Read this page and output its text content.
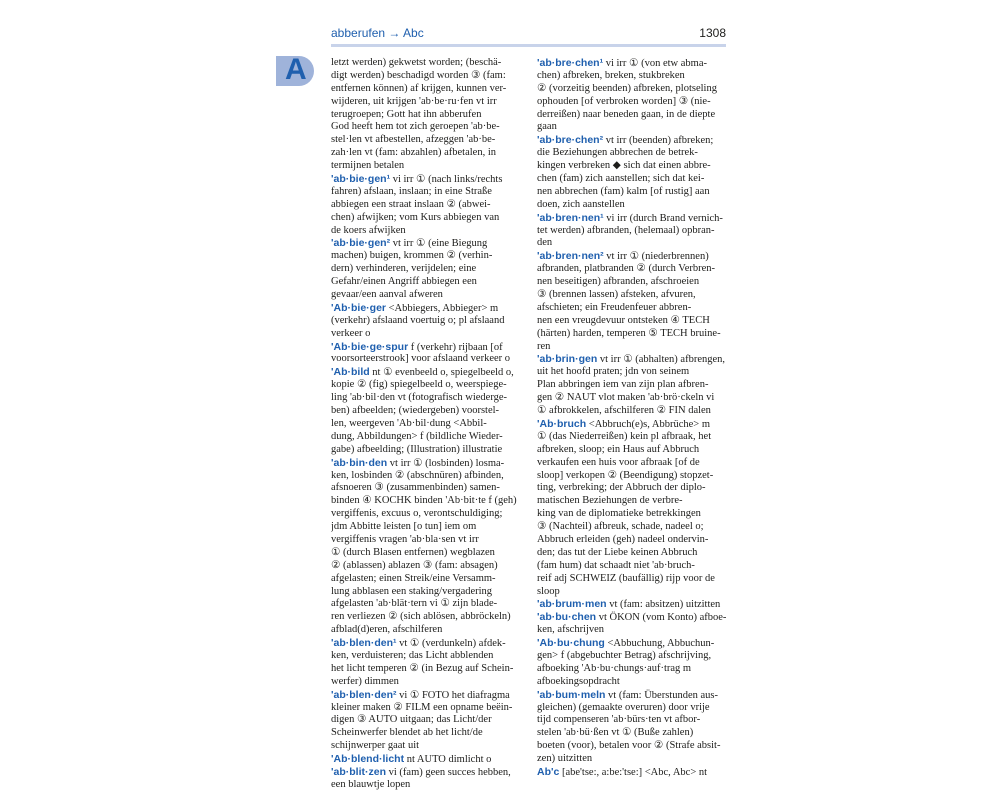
A
abberufen → Abc	1308
letzt werden) gekwetst worden; (beschä-
digt werden) beschadigd worden ③ (fam:
entfernen können) af krijgen, kunnen ver-
wijderen, uit krijgen 'ab·be·ru·fen vt irr
terugroepen; Gott hat ihn abberufen
God heeft hem tot zich geroepen 'ab·be-
stel·len vt afbestellen, afzeggen 'ab·be-
zah·len vt (fam: abzahlen) afbetalen, in
termijnen betalen
'ab·bie·gen¹ vi irr ① (nach links/rechts
fahren) afslaan, inslaan; in eine Straße
abbiegen een straat inslaan ② (abwei-
chen) afwijken; vom Kurs abbiegen van
de koers afwijken
'ab·bie·gen² vt irr ① (eine Biegung
machen) buigen, krommen ② (verhin-
dern) verhinderen, verijdelen; eine
Gefahr/einen Angriff abbiegen een
gevaar/een aanval afweren
'Ab·bie·ger <Abbiegers, Abbieger> m
(verkehr) afslaand voertuig o; pl afslaand
verkeer o
'Ab·bie·ge·spur f (verkehr) rijbaan [of
voorsorteerstrook] voor afslaand verkeer o
'Ab·bild nt ① evenbeeld o, spiegelbeeld o,
kopie ② (fig) spiegelbeeld o, weerspiege-
ling 'ab·bil·den vt (fotografisch wiederge-
ben) afbeelden; (wiedergeben) voorstel-
len, weergeven 'Ab·bil·dung <Abbil-
dung, Abbildungen> f (bildliche Wieder-
gabe) afbeelding; (Illustration) illustratie
'ab·bin·den vt irr ① (losbinden) losma-
ken, losbinden ② (abschnüren) afbinden,
afsnoeren ③ (zusammenbinden) samen-
binden ④ KOCHK binden 'Ab·bit·te f (geh)
vergiffenis, excuus o, verontschuldiging;
jdm Abbitte leisten [o tun] iem om
vergiffenis vragen 'ab·bla·sen vt irr
① (durch Blasen entfernen) wegblazen
② (ablassen) ablazen ③ (fam: absagen)
afgelasten; einen Streik/eine Versamm-
lung abblasen een staking/vergadering
afgelasten 'ab·blät·tern vi ① zijn blade-
ren verliezen ② (sich ablösen, abbröckeln)
afblad(d)eren, afschilferen
'ab·blen·den¹ vt ① (verdunkeln) afdek-
ken, verduisteren; das Licht abblenden
het licht temperen ② (in Bezug auf Schein-
werfer) dimmen
'ab·blen·den² vi ① FOTO het diafragma
kleiner maken ② FILM een opname beëin-
digen ③ AUTO uitgaan; das Licht/der
Scheinwerfer blendet ab het licht/de
schijnwerper gaat uit
'Ab·blend·licht nt AUTO dimlicht o
'ab·blit·zen vi (fam) geen succes hebben,
een blauwtje lopen
'ab·bre·chen¹ vi irr ① (von etw abma-
chen) afbreken, breken, stukbreken
② (vorzeitig beenden) afbreken, plotseling
ophouden [of verbroken worden] ③ (nie-
derreißen) naar beneden gaan, in de diepte
gaan
'ab·bre·chen² vt irr (beenden) afbreken;
die Beziehungen abbrechen de betrek-
kingen verbreken ◆ sich dat einen abbre-
chen (fam) zich aanstellen; sich dat kei-
nen abbrechen (fam) kalm [of rustig] aan
doen, zich aanstellen
'ab·bren·nen¹ vi irr (durch Brand vernich-
tet werden) afbranden, (helemaal) opbran-
den
'ab·bren·nen² vt irr ① (niederbrennen)
afbranden, platbranden ② (durch Verbren-
nen beseitigen) afbranden, afschroeien
③ (brennen lassen) afsteken, afvuren,
afschieten; ein Freudenfeuer abbren-
nen een vreugdevuur ontsteken ④ TECH
(härten) harden, temperen ⑤ TECH bruine-
ren
'ab·brin·gen vt irr ① (abhalten) afbrengen,
uit het hoofd praten; jdn von seinem
Plan abbringen iem van zijn plan afbren-
gen ② NAUT vlot maken 'ab·brö·ckeln vi
① afbrokkelen, afschilferen ② FIN dalen
'Ab·bruch <Abbruch(e)s, Abbrüche> m
① (das Niederreißen) kein pl afbraak, het
afbreken, sloop; ein Haus auf Abbruch
verkaufen een huis voor afbraak [of de
sloop] verkopen ② (Beendigung) stopzet-
ting, verbreking; der Abbruch der diplo-
matischen Beziehungen de verbre-
king van de diplomatieke betrekkingen
③ (Nachteil) afbreuk, schade, nadeel o;
Abbruch erleiden (geh) nadeel ondervin-
den; das tut der Liebe keinen Abbruch
(fam hum) dat schaadt niet 'ab·bruch-
reif adj SCHWEIZ (baufällig) rijp voor de
sloop
'ab·brum·men vt (fam: absitzen) uitzitten
'ab·bu·chen vt ÖKON (vom Konto) afboe-
ken, afschrijven
'Ab·bu·chung <Abbuchung, Abbuchun-
gen> f (abgebuchter Betrag) afschrijving,
afboeking 'Ab·bu·chungs·auf·trag m
afboekingsopdracht
'ab·bum·meln vt (fam: Überstunden aus-
gleichen) (gemaakte overuren) door vrije
tijd compenseren 'ab·bürs·ten vt afbor-
stelen 'ab·bü·ßen vt ① (Buße zahlen)
boeten (voor), betalen voor ② (Strafe absit-
zen) uitzitten
Ab'c [abe'tse:, a:be:'tse:] <Abc, Abc> nt
